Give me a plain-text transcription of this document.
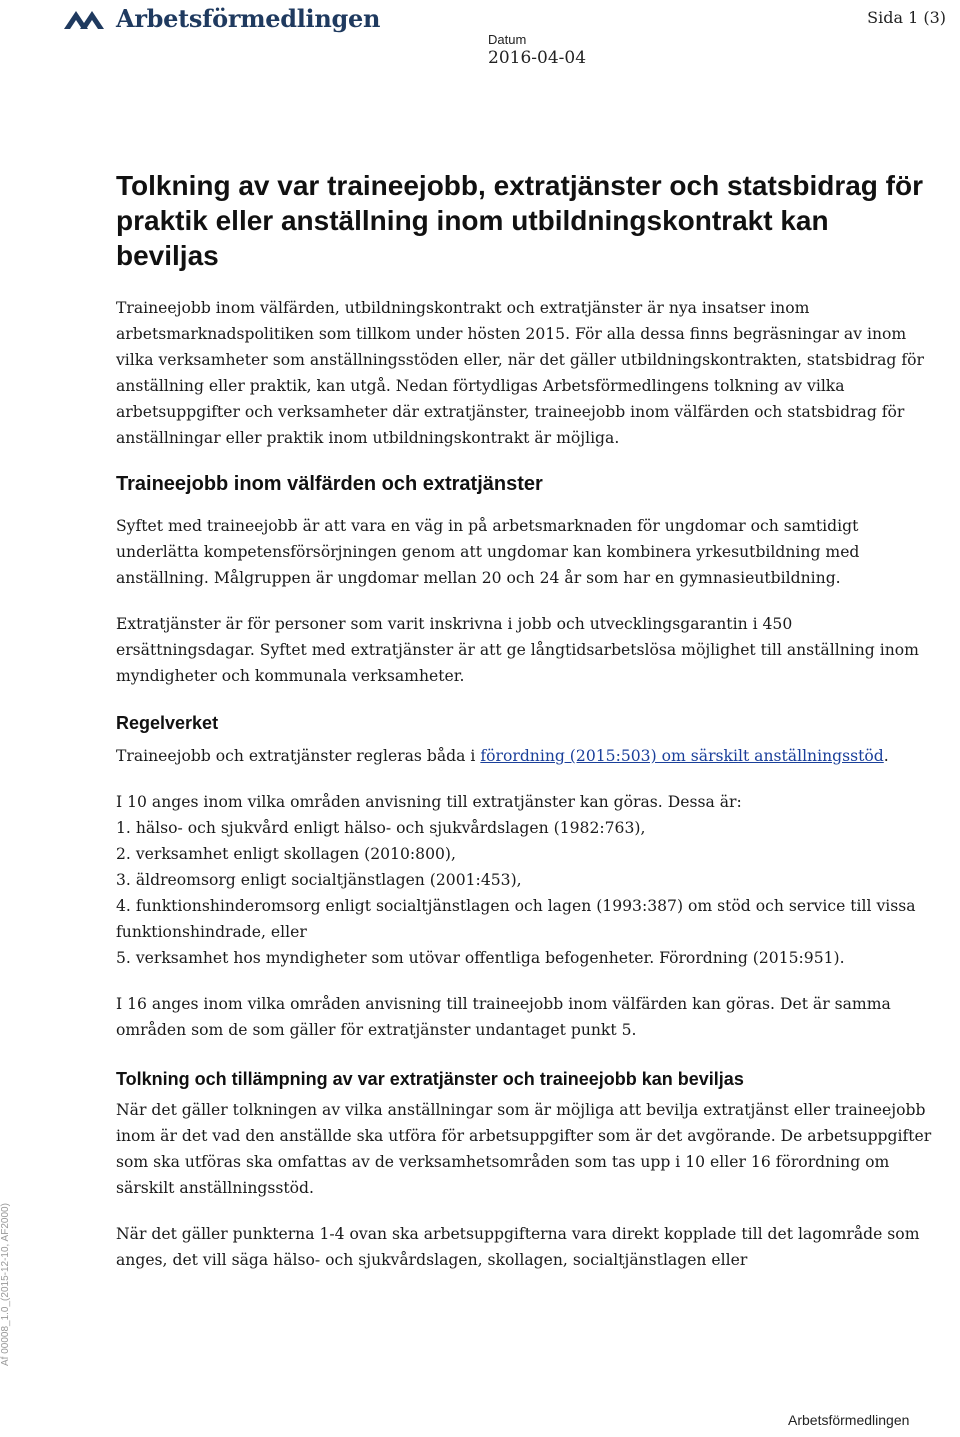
Arbetsförmedlingen	Sida 1 (3)
Datum
2016-04-04
Af 00008_1.0_(2015-12-10, AF2000)
Tolkning av var traineejobb, extratjänster och statsbidrag för praktik eller anställning inom utbildningskontrakt kan beviljas

Traineejobb inom välfärden, utbildningskontrakt och extratjänster är nya insatser inom arbetsmarknadspolitiken som tillkom under hösten 2015. För alla dessa finns begräsningar av inom vilka verksamheter som anställningsstöden eller, när det gäller utbildningskontrakten, statsbidrag för anställning eller praktik, kan utgå. Nedan förtydligas Arbetsförmedlingens tolkning av vilka arbetsuppgifter och verksamheter där extratjänster, traineejobb inom välfärden och statsbidrag för anställningar eller praktik inom utbildningskontrakt är möjliga.

Traineejobb inom välfärden och extratjänster

Syftet med traineejobb är att vara en väg in på arbetsmarknaden för ungdomar och samtidigt underlätta kompetensförsörjningen genom att ungdomar kan kombinera yrkesutbildning med anställning. Målgruppen är ungdomar mellan 20 och 24 år som har en gymnasieutbildning.

Extratjänster är för personer som varit inskrivna i jobb och utvecklingsgarantin i 450 ersättningsdagar. Syftet med extratjänster är att ge långtidsarbetslösa möjlighet till anställning inom myndigheter och kommunala verksamheter.

Regelverket

Traineejobb och extratjänster regleras båda i förordning (2015:503) om särskilt anställningsstöd.

I 10 anges inom vilka områden anvisning till extratjänster kan göras. Dessa är:

1. hälso- och sjukvård enligt hälso- och sjukvårdslagen (1982:763),

2. verksamhet enligt skollagen (2010:800),

3. äldreomsorg enligt socialtjänstlagen (2001:453),

4. funktionshinderomsorg enligt socialtjänstlagen och lagen (1993:387) om stöd och service till vissa funktionshindrade, eller

5. verksamhet hos myndigheter som utövar offentliga befogenheter. Förordning (2015:951).

I 16 anges inom vilka områden anvisning till traineejobb inom välfärden kan göras. Det är samma områden som de som gäller för extratjänster undantaget punkt 5.

Tolkning och tillämpning av var extratjänster och traineejobb kan beviljas

När det gäller tolkningen av vilka anställningar som är möjliga att bevilja extratjänst eller traineejobb inom är det vad den anställde ska utföra för arbetsuppgifter som är det avgörande. De arbetsuppgifter som ska utföras ska omfattas av de verksamhetsområden som tas upp i 10 eller 16 förordning om särskilt anställningsstöd.

När det gäller punkterna 1-4 ovan ska arbetsuppgifterna vara direkt kopplade till det lagområde som anges, det vill säga hälso- och sjukvårdslagen, skollagen, socialtjänstlagen eller

Arbetsförmedlingen
